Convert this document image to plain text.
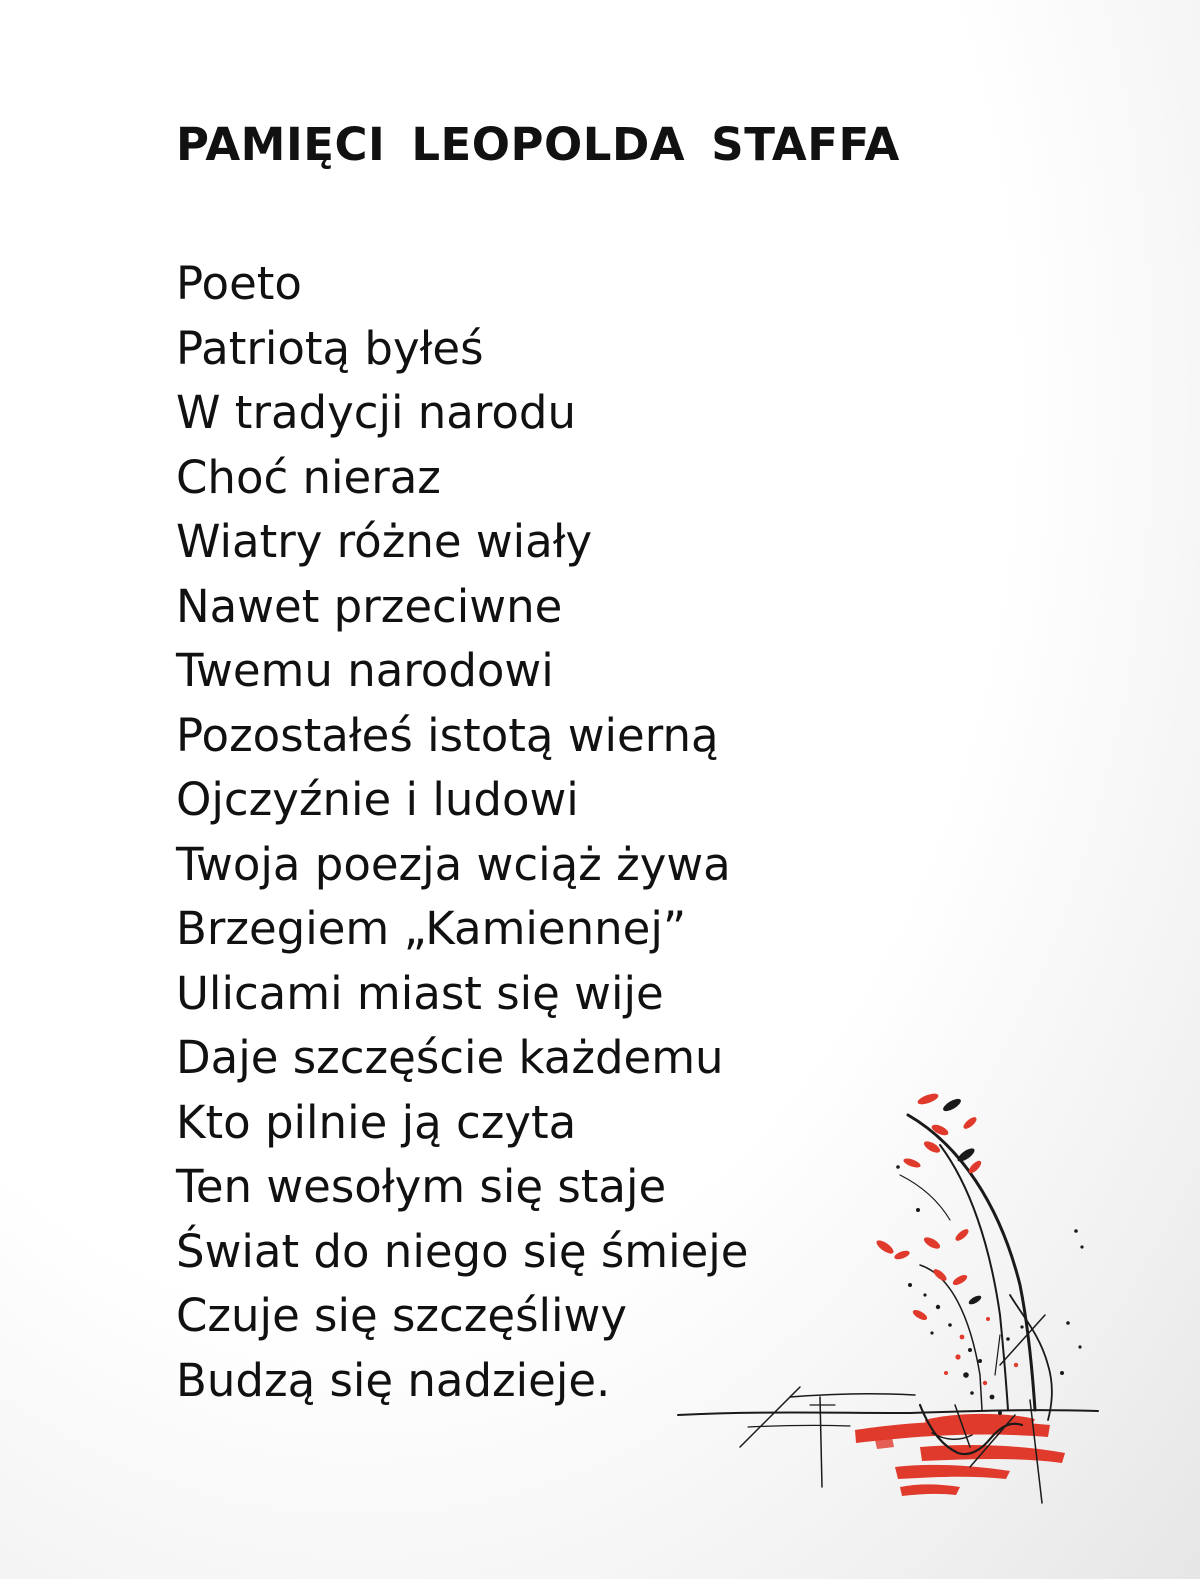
PAMIĘCI LEOPOLDA STAFFA
Poeto
Patriotą byłeś
W tradycji narodu
Choć nieraz
Wiatry różne wiały
Nawet przeciwne
Twemu narodowi
Pozostałeś istotą wierną
Ojczyźnie i ludowi
Twoja poezja wciąż żywa
Brzegiem „Kamiennej”
Ulicami miast się wije
Daje szczęście każdemu
Kto pilnie ją czyta
Ten wesołym się staje
Świat do niego się śmieje
Czuje się szczęśliwy
Budzą się nadzieje.
